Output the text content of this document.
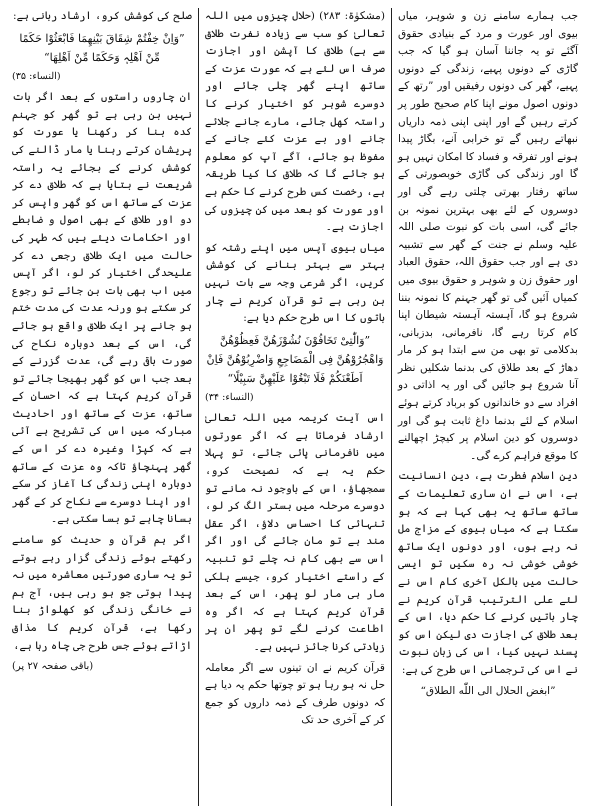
جب ہمارے سامنے زن و شوہر، میاں بیوی اور عورت و مرد کے بنیادی حقوق آگئے تو یہ جاننا آسان ہو گیا کہ جب گاڑی کے دونوں پہیے، زندگی کے دونوں پہیے، گھر کی دونوں رفیقیں اور ”رتھ کے دونوں اصول مونے اپنا کام صحیح طور پر کرتے رہیں گے اور اپنی اپنی ذمہ داریاں نبھاتے رہیں گے تو خرابی آنے، بگاڑ پیدا ہونے اور تفرقہ و فساد کا امکان نہیں ہو گا اور زندگی کی گاڑی خوبصورتی کے ساتھ رفتار بھرتی چلتی رہے گی اور دوسروں کے لئے بھی بہترین نمونہ بن جائے گی، اسی بات کو نبوت صلی اللہ علیہ وسلم نے جنت کے گھر سے تشبیہ دی ہے اور جب حقوق اللہ، حقوق العباد اور حقوق زن و شوہر و حقوق بیوی میں کمیاں آئیں گی تو گھر جہنم کا نمونہ بننا شروع ہو گا، آہستہ آہستہ شیطان اپنا کام کرتا رہے گا، نافرمانی، بدزبانی، بدکلامی تو بھی من سے ابتدا ہو کر مار دھاڑ کے بعد طلاق کی بدنما شکلیں نظر آنا شروع ہو جائیں گی اور یہ اذاتی دو افراد سے دو خاندانوں کو برباد کرتے ہوئے اسلام کے لئے بدنما داغ ثابت ہو گی اور دوسروں کو دین اسلام پر کیچڑ اچھالنے کا موقع فراہم کرے گی۔

دین اسلام فطرت ہے، دین انسانیت ہے، اس نے ان ساری تعلیمات کے ساتھ ساتھ یہ بھی کہا ہے کہ ہو سکتا ہے کہ میاں بیوی کے مزاج مل نہ رہے ہوں، اور دونوں ایک ساتھ خوشی خوشی نہ رہ سکیں تو ایسی حالت میں بالکل آخری کام اس نے لئے علی الترتیب قرآن کریم نے چار باتیں کرنے کا حکم دیا، اس کے بعد طلاق کی اجازت دی لیکن اس کو پسند نہیں کیا، اس کی زبان نبوت نے اس کی ترجمانی اس طرح کی ہے:

”ابغض الحلال الی اللّٰه الطلاق“

(مشکوٰۃ: ۲۸۳) (حلال چیزوں میں اللہ تعالیٰ کو سب سے زیادہ نفرت طلاق سے ہے) طلاق کا آپشن اور اجازت صرف اس لئے ہے کہ عورت عزت کے ساتھ اپنے گھر چلی جائے اور دوسرے شوہر کو اختیار کرنے کا راستہ کھل جائے، مارے جانے جلائے جانے اور بے عزت کئے جانے کے مفوظ ہو جائے، آگے آپ کو معلوم ہو جائے گا کہ طلاق کا کیا طریقہ ہے، رخصت کس طرح کرنے کا حکم ہے اور عورت کو بعد میں کن چیزوں کی اجازت ہے۔

میاں بیوی آپس میں اپنے رشتہ کو بہتر سے بہتر بنانے کی کوشش کریں، اگر شرعی وجہ سے بات نہیں بن رہی ہے تو قرآن کریم نے چار باتوں کا اس طرح حکم دیا ہے:

”وَالّٰتِیْ تَخَافُوْنَ نُشُوْزَھُنَّ فَعِظُوْھُنَّ وَاھْجُرُوْھُنَّ فِی الْمَضَاجِعِ وَاضْرِبُوْھُنَّ فَاِنْ اَطَعْنَکُمْ فَلَا تَبْغُوْا عَلَیْھِنَّ سَبِیْلًا“

(النساء: ۳۴)

اس آیت کریمہ میں اللہ تعالیٰ ارشاد فرماتا ہے کہ اگر عورتوں میں نافرمانی پائی جائے، تو پہلا حکم یہ ہے کہ نصیحت کرو، سمجھاؤ، اس کے باوجود نہ مانے تو دوسرے مرحلہ میں بستر الگ کر لو، تنہائی کا احساس دلاؤ، اگر عقل مند ہے تو مان جائے گی اور اگر اس سے بھی کام نہ چلے تو تنبیہ کے راستے اختیار کرو، جیسے ہلکی مار ہی مار لو پھر، اس کے بعد قرآن کریم کہتا ہے کہ اگر وہ اطاعت کرنے لگے تو پھر ان پر زیادتی کرنا جائز نہیں ہے۔

قرآن کریم نے ان تینوں سے اگر معاملہ حل نہ ہو رہا ہو تو چوتھا حکم یہ دیا ہے کہ دونوں طرف کے ذمہ داروں کو جمع کر کے آخری حد تک

صلح کی کوشش کرو، ارشاد ربانی ہے:

”وَاِنْ خِفْتُمْ شِقَاقَ بَیْنِھِمَا فَابْعَثُوْا حَکَمًا مِّنْ اَھْلِہٖ وَحَکَمًا مِّنْ اَھْلِھَا“

(النساء: ۳۵)

ان چاروں راستوں کے بعد اگر بات نہیں بن رہی ہے تو گھر کو جہنم کدہ بنا کر رکھنا یا عورت کو پریشان کرتے رہنا یا مار ڈالنے کی کوشش کرنے کے بجائے یہ راستہ شریعت نے بتایا ہے کہ طلاق دے کر عزت کے ساتھ اس کو گھر واپس کر دو اور طلاق کے بھی اصول و ضابطے اور احکامات دیئے ہیں کہ طہر کی حالت میں ایک طلاق رجعی دے کر علیحدگی اختیار کر لو، اگر آپس میں اب بھی بات بن جائے تو رجوع کر سکتے ہو ورنہ عدت کی مدت ختم ہو جانے پر ایک طلاق واقع ہو جائے گی، اس کے بعد دوبارہ نکاح کی صورت باقی رہے گی، عدت گزرنے کے بعد جب اس کو گھر بھیجا جائے تو قرآن کریم کہتا ہے کہ احسان کے ساتھ، عزت کے ساتھ اور احادیث مبارکہ میں اس کی تشریح ہے آئی ہے کہ کپڑا وغیرہ دے کر اس کے گھر پہنچاؤ تاکہ وہ عزت کے ساتھ دوبارہ اپنی زندگی کا آغاز کر سکے اور اپنا دوسرے سے نکاح کر کے گھر بسانا چاہے تو بسا سکتی ہے۔

اگر ہم قرآن و حدیث کو سامنے رکھتے ہوئے زندگی گزار رہے ہوتے تو یہ ساری صورتیں معاشرہ میں نہ پیدا ہوتی جو ہو رہی ہیں، آج ہم نے خانگی زندگی کو کھلواڑ بنا رکھا ہے، قرآن کریم کا مذاق اڑاتے ہوئے جس طرح جی چاہ رہا ہے،

(باقی صفحہ ۲۷ پر)
